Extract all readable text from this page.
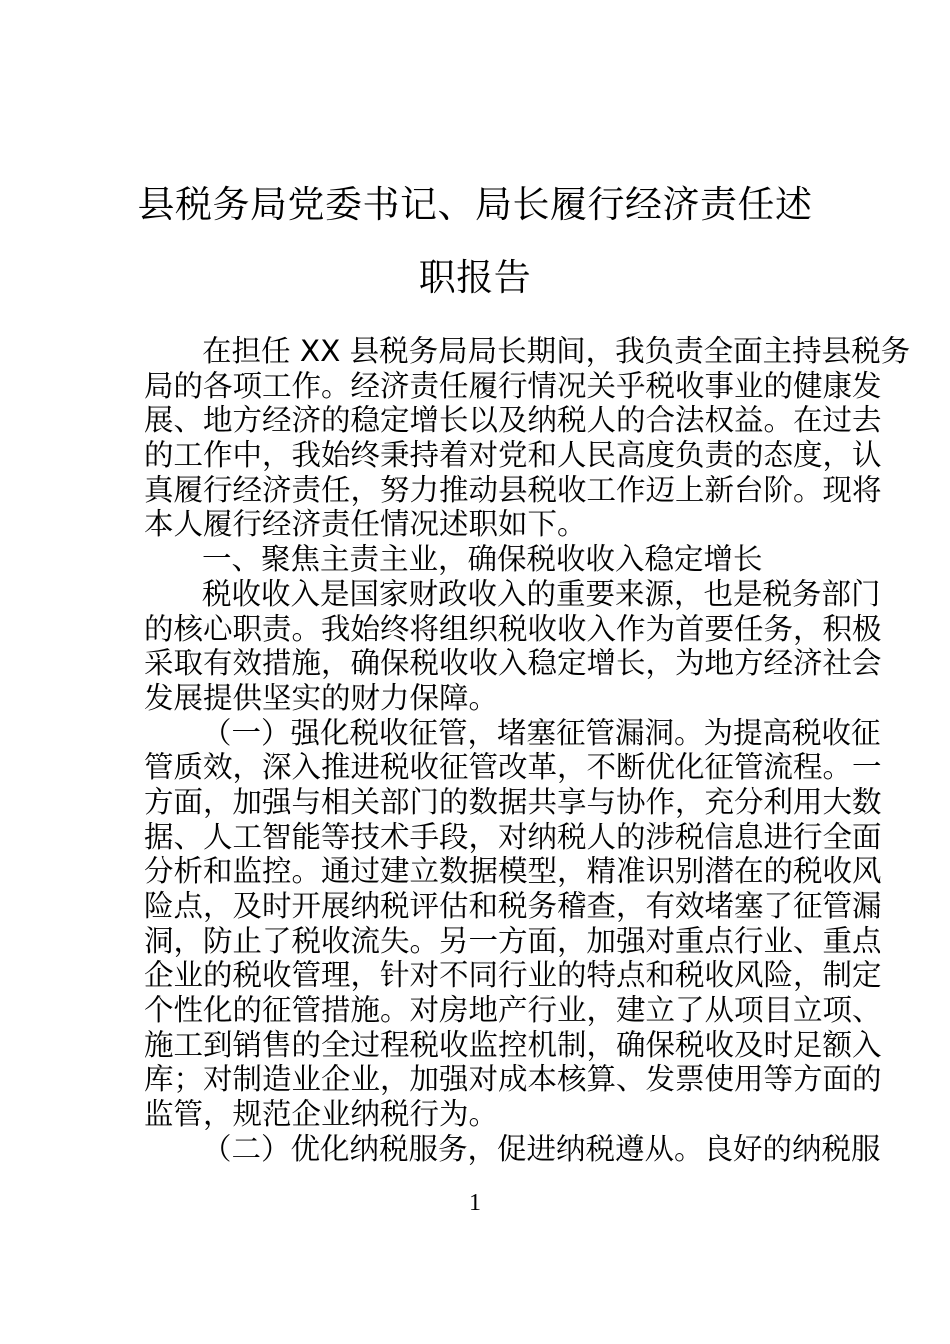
县税务局党委书记、局长履行经济责任述
职报告
在担任 XX 县税务局局长期间，我负责全面主持县税务
局的各项工作。经济责任履行情况关乎税收事业的健康发
展、地方经济的稳定增长以及纳税人的合法权益。在过去
的工作中，我始终秉持着对党和人民高度负责的态度，认
真履行经济责任，努力推动县税收工作迈上新台阶。现将
本人履行经济责任情况述职如下。
一、聚焦主责主业，确保税收收入稳定增长
税收收入是国家财政收入的重要来源，也是税务部门
的核心职责。我始终将组织税收收入作为首要任务，积极
采取有效措施，确保税收收入稳定增长，为地方经济社会
发展提供坚实的财力保障。
（一）强化税收征管，堵塞征管漏洞。为提高税收征
管质效，深入推进税收征管改革，不断优化征管流程。一
方面，加强与相关部门的数据共享与协作，充分利用大数
据、人工智能等技术手段，对纳税人的涉税信息进行全面
分析和监控。通过建立数据模型，精准识别潜在的税收风
险点，及时开展纳税评估和税务稽查，有效堵塞了征管漏
洞，防止了税收流失。另一方面，加强对重点行业、重点
企业的税收管理，针对不同行业的特点和税收风险，制定
个性化的征管措施。对房地产行业，建立了从项目立项、
施工到销售的全过程税收监控机制，确保税收及时足额入
库；对制造业企业，加强对成本核算、发票使用等方面的
监管，规范企业纳税行为。
（二）优化纳税服务，促进纳税遵从。良好的纳税服
1
